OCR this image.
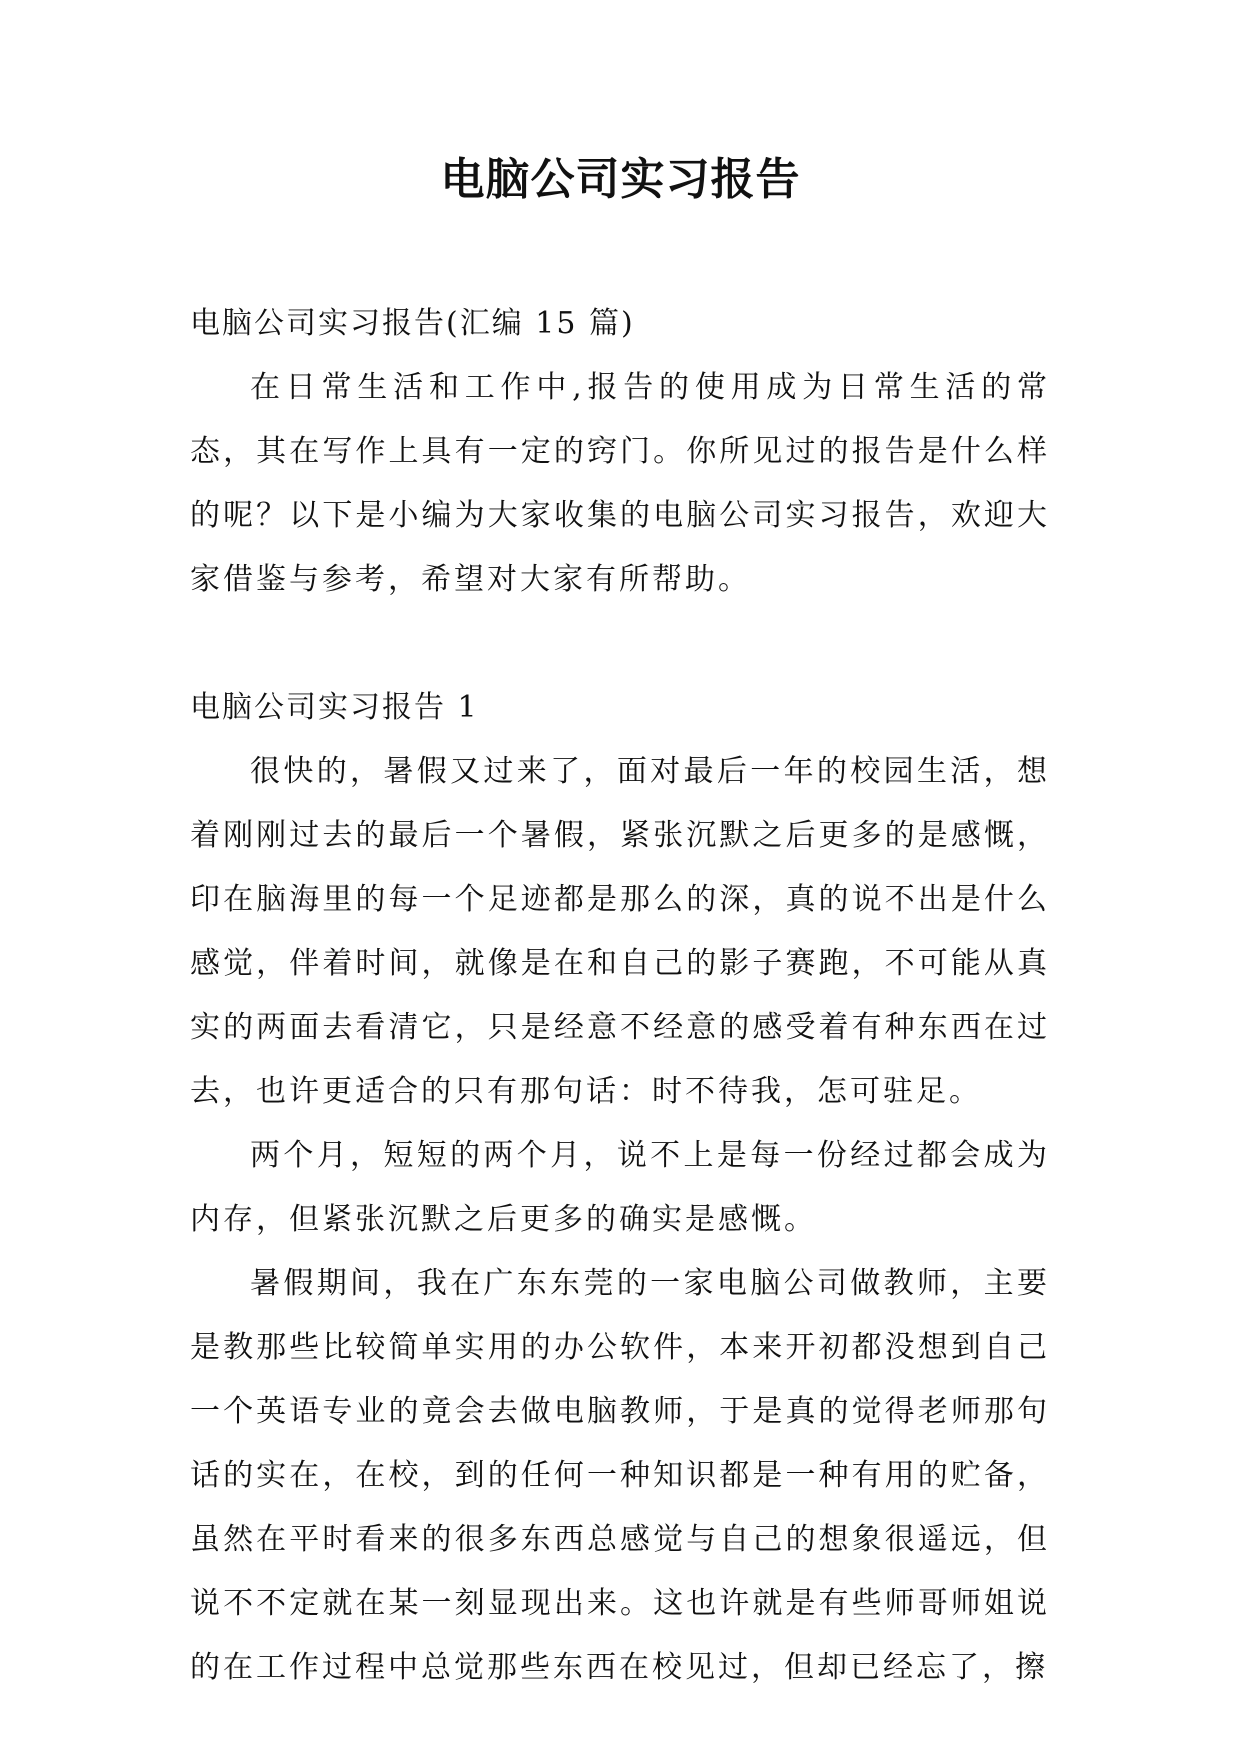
电脑公司实习报告

电脑公司实习报告(汇编 15 篇)

在日常生活和工作中,报告的使用成为日常生活的常态，其在写作上具有一定的窍门。你所见过的报告是什么样的呢？以下是小编为大家收集的电脑公司实习报告，欢迎大家借鉴与参考，希望对大家有所帮助。

电脑公司实习报告 1

很快的，暑假又过来了，面对最后一年的校园生活，想着刚刚过去的最后一个暑假，紧张沉默之后更多的是感慨，印在脑海里的每一个足迹都是那么的深，真的说不出是什么感觉，伴着时间，就像是在和自己的影子赛跑，不可能从真实的两面去看清它，只是经意不经意的感受着有种东西在过去，也许更适合的只有那句话：时不待我，怎可驻足。

两个月，短短的两个月，说不上是每一份经过都会成为内存，但紧张沉默之后更多的确实是感慨。

暑假期间，我在广东东莞的一家电脑公司做教师，主要是教那些比较简单实用的办公软件，本来开初都没想到自己一个英语专业的竟会去做电脑教师，于是真的觉得老师那句话的实在，在校，到的任何一种知识都是一种有用的贮备，虽然在平时看来的很多东西总感觉与自己的想象很遥远，但说不不定就在某一刻显现出来。这也许就是有些师哥师姐说的在工作过程中总觉那些东西在校见过，但却已经忘了，擦
